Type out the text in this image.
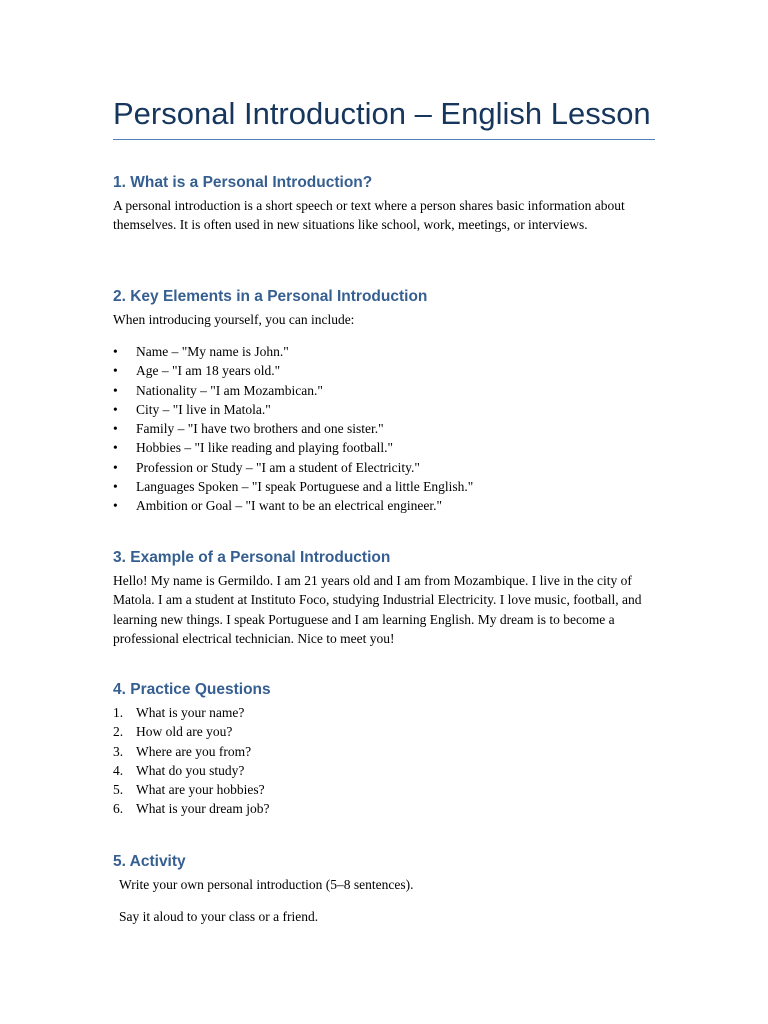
Personal Introduction – English Lesson
1. What is a Personal Introduction?

A personal introduction is a short speech or text where a person shares basic information about themselves. It is often used in new situations like school, work, meetings, or interviews.

2. Key Elements in a Personal Introduction

When introducing yourself, you can include:

• Name – "My name is John."
• Age – "I am 18 years old."
• Nationality – "I am Mozambican."
• City – "I live in Matola."
• Family – "I have two brothers and one sister."
• Hobbies – "I like reading and playing football."
• Profession or Study – "I am a student of Electricity."
• Languages Spoken – "I speak Portuguese and a little English."
• Ambition or Goal – "I want to be an electrical engineer."
3. Example of a Personal Introduction

Hello! My name is Germildo. I am 21 years old and I am from Mozambique. I live in the city of Matola. I am a student at Instituto Foco, studying Industrial Electricity. I love music, football, and learning new things. I speak Portuguese and I am learning English. My dream is to become a professional electrical technician. Nice to meet you!

4. Practice Questions
1. What is your name?
2. How old are you?
3. Where are you from?
4. What do you study?
5. What are your hobbies?
6. What is your dream job?
5. Activity

Write your own personal introduction (5–8 sentences).

Say it aloud to your class or a friend.
